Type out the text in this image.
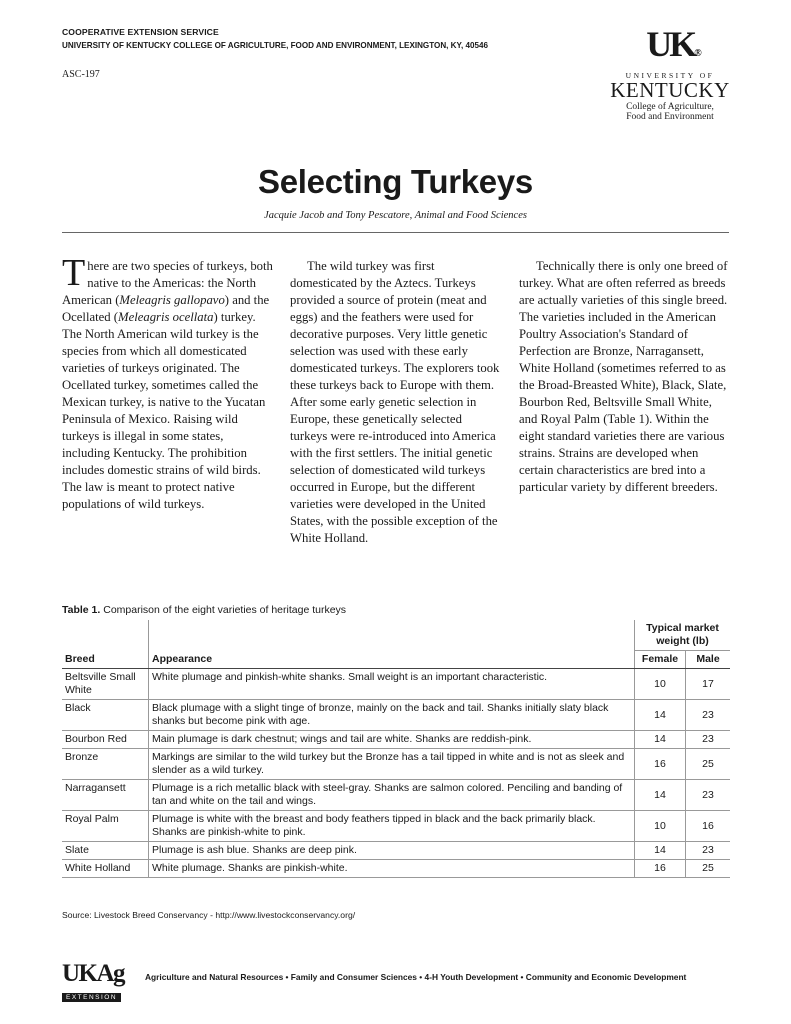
COOPERATIVE EXTENSION SERVICE
UNIVERSITY OF KENTUCKY COLLEGE OF AGRICULTURE, FOOD AND ENVIRONMENT, LEXINGTON, KY, 40546
ASC-197
UK®
UNIVERSITY OF
KENTUCKY
College of Agriculture,
Food and Environment
Selecting Turkeys
Jacquie Jacob and Tony Pescatore, Animal and Food Sciences

There are two species of turkeys, both native to the Americas: the North American (Meleagris gallopavo) and the Ocellated (Meleagris ocellata) turkey. The North American wild turkey is the species from which all domesticated varieties of turkeys originated. The Ocellated turkey, sometimes called the Mexican turkey, is native to the Yucatan Peninsula of Mexico. Raising wild turkeys is illegal in some states, including Kentucky. The prohibition includes domestic strains of wild birds. The law is meant to protect native populations of wild turkeys.

The wild turkey was first domesticated by the Aztecs. Turkeys provided a source of protein (meat and eggs) and the feathers were used for decorative purposes. Very little genetic selection was used with these early domesticated turkeys. The explorers took these turkeys back to Europe with them. After some early genetic selection in Europe, these genetically selected turkeys were re-introduced into America with the first settlers. The initial genetic selection of domesticated wild turkeys occurred in Europe, but the different varieties were developed in the United States, with the possible exception of the White Holland.

Technically there is only one breed of turkey. What are often referred as breeds are actually varieties of this single breed. The varieties included in the American Poultry Association's Standard of Perfection are Bronze, Narragansett, White Holland (sometimes referred to as the Broad-Breasted White), Black, Slate, Bourbon Red, Beltsville Small White, and Royal Palm (Table 1). Within the eight standard varieties there are various strains. Strains are developed when certain characteristics are bred into a particular variety by different breeders.

Table 1. Comparison of the eight varieties of heritage turkeys
		Typical market weight (lb)	
Breed	Appearance	Female	Male
Beltsville Small White	White plumage and pinkish-white shanks. Small weight is an important characteristic.	10	17
Black	Black plumage with a slight tinge of bronze, mainly on the back and tail. Shanks initially slaty black shanks but become pink with age.	14	23
Bourbon Red	Main plumage is dark chestnut; wings and tail are white. Shanks are reddish-pink.	14	23
Bronze	Markings are similar to the wild turkey but the Bronze has a tail tipped in white and is not as sleek and slender as a wild turkey.	16	25
Narragansett	Plumage is a rich metallic black with steel-gray. Shanks are salmon colored. Penciling and banding of tan and white on the tail and wings.	14	23
Royal Palm	Plumage is white with the breast and body feathers tipped in black and the back primarily black. Shanks are pinkish-white to pink.	10	16
Slate	Plumage is ash blue. Shanks are deep pink.	14	23
White Holland	White plumage. Shanks are pinkish-white.	16	25
Source: Livestock Breed Conservancy - http://www.livestockconservancy.org/
UKAg
EXTENSION
Agriculture and Natural Resources • Family and Consumer Sciences • 4-H Youth Development • Community and Economic Development
